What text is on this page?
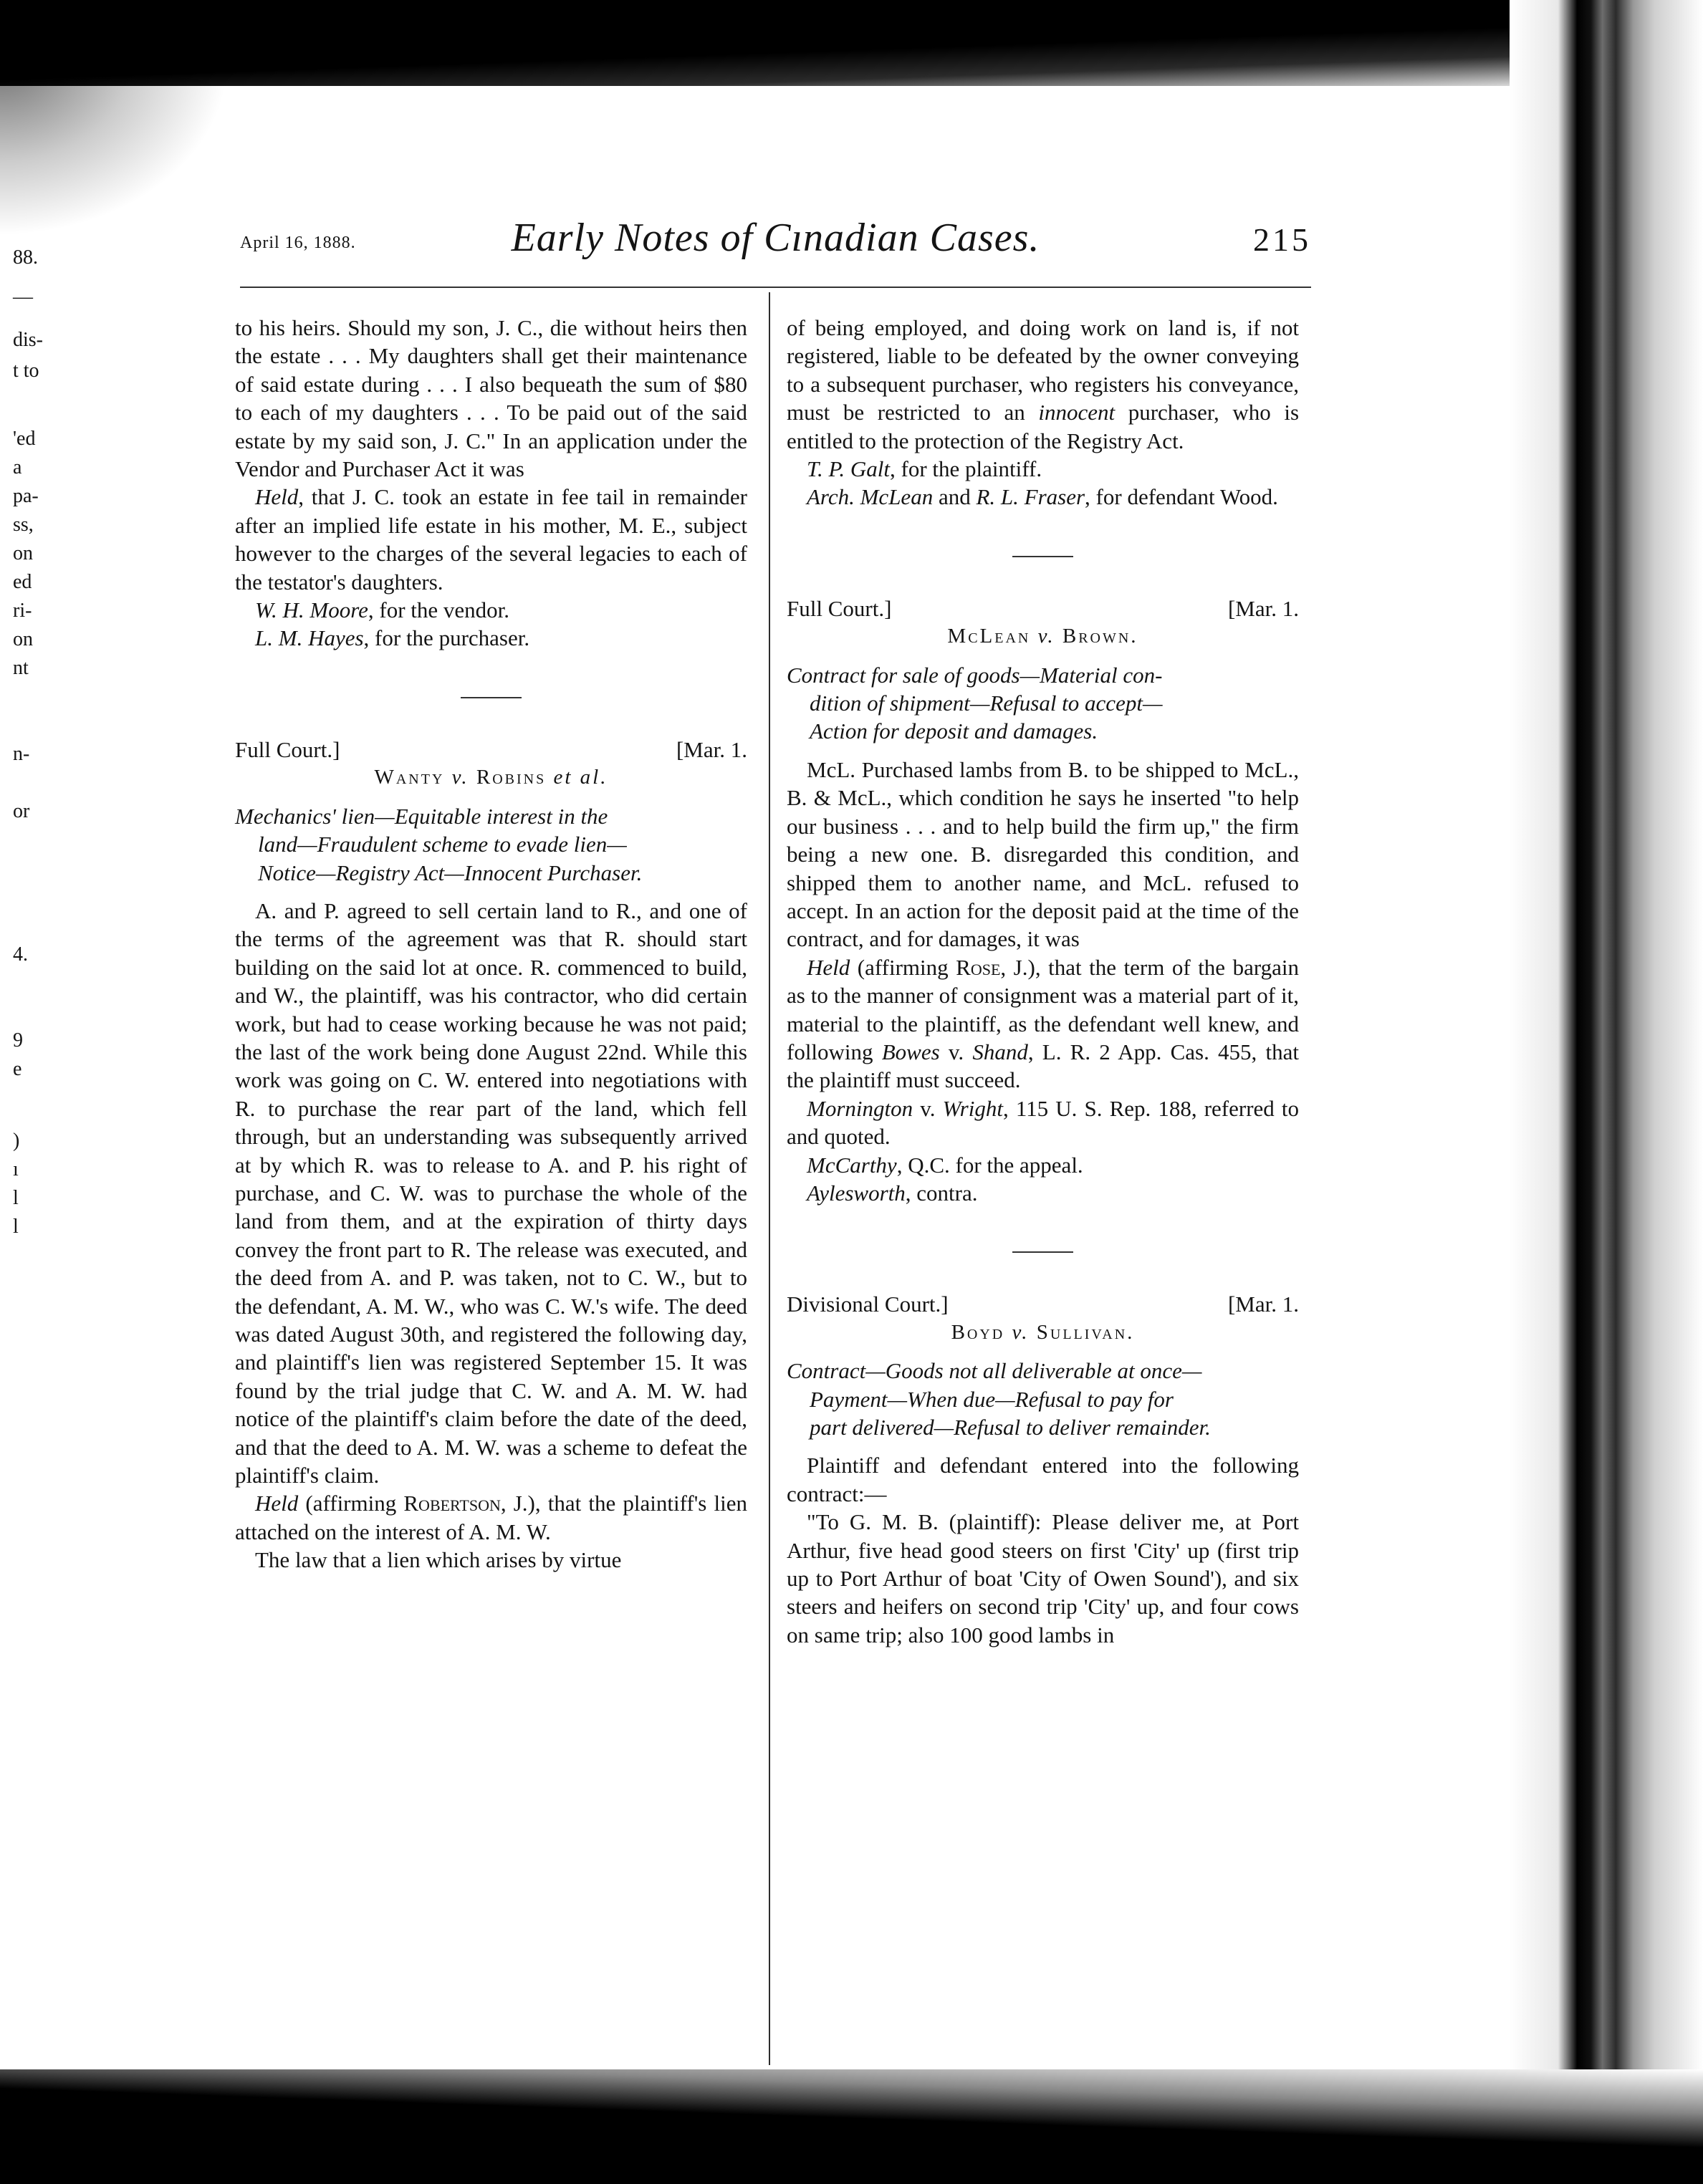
88.
—
dis-
t to
'ed
a
pa-
ss,
on
ed
ri-
on
nt
n-
or
4.
9
e
)
ı
l
l
April 16, 1888.	Early Notes of Cınadian Cases.	215

to his heirs. Should my son, J. C., die without heirs then the estate . . . My daughters shall get their maintenance of said estate during . . . I also bequeath the sum of $80 to each of my daughters . . . To be paid out of the said estate by my said son, J. C." In an application under the Vendor and Purchaser Act it was

Held, that J. C. took an estate in fee tail in remainder after an implied life estate in his mother, M. E., subject however to the charges of the several legacies to each of the testator's daughters.

W. H. Moore, for the vendor.

L. M. Hayes, for the purchaser.

Full Court.]	[Mar. 1.
Wanty v. Robins et al.
Mechanics' lien—Equitable interest in the
land—Fraudulent scheme to evade lien—
Notice—Registry Act—Innocent Purchaser.

A. and P. agreed to sell certain land to R., and one of the terms of the agreement was that R. should start building on the said lot at once. R. commenced to build, and W., the plaintiff, was his contractor, who did certain work, but had to cease working because he was not paid; the last of the work being done August 22nd. While this work was going on C. W. entered into negotiations with R. to purchase the rear part of the land, which fell through, but an understanding was subsequently arrived at by which R. was to release to A. and P. his right of purchase, and C. W. was to purchase the whole of the land from them, and at the expiration of thirty days convey the front part to R. The release was executed, and the deed from A. and P. was taken, not to C. W., but to the defendant, A. M. W., who was C. W.'s wife. The deed was dated August 30th, and registered the following day, and plaintiff's lien was registered September 15. It was found by the trial judge that C. W. and A. M. W. had notice of the plaintiff's claim before the date of the deed, and that the deed to A. M. W. was a scheme to defeat the plaintiff's claim.

Held (affirming Robertson, J.), that the plaintiff's lien attached on the interest of A. M. W.

The law that a lien which arises by virtue

of being employed, and doing work on land is, if not registered, liable to be defeated by the owner conveying to a subsequent purchaser, who registers his conveyance, must be restricted to an innocent purchaser, who is entitled to the protection of the Registry Act.

T. P. Galt, for the plaintiff.

Arch. McLean and R. L. Fraser, for defendant Wood.

Full Court.]	[Mar. 1.
McLean v. Brown.
Contract for sale of goods—Material con-
dition of shipment—Refusal to accept—
Action for deposit and damages.

McL. Purchased lambs from B. to be shipped to McL., B. & McL., which condition he says he inserted "to help our business . . . and to help build the firm up," the firm being a new one. B. disregarded this condition, and shipped them to another name, and McL. refused to accept. In an action for the deposit paid at the time of the contract, and for damages, it was

Held (affirming Rose, J.), that the term of the bargain as to the manner of consignment was a material part of it, material to the plaintiff, as the defendant well knew, and following Bowes v. Shand, L. R. 2 App. Cas. 455, that the plaintiff must succeed.

Mornington v. Wright, 115 U. S. Rep. 188, referred to and quoted.

McCarthy, Q.C. for the appeal.

Aylesworth, contra.

Divisional Court.]	[Mar. 1.
Boyd v. Sullivan.
Contract—Goods not all deliverable at once—
Payment—When due—Refusal to pay for
part delivered—Refusal to deliver remainder.

Plaintiff and defendant entered into the following contract:—

"To G. M. B. (plaintiff): Please deliver me, at Port Arthur, five head good steers on first 'City' up (first trip up to Port Arthur of boat 'City of Owen Sound'), and six steers and heifers on second trip 'City' up, and four cows on same trip; also 100 good lambs in
